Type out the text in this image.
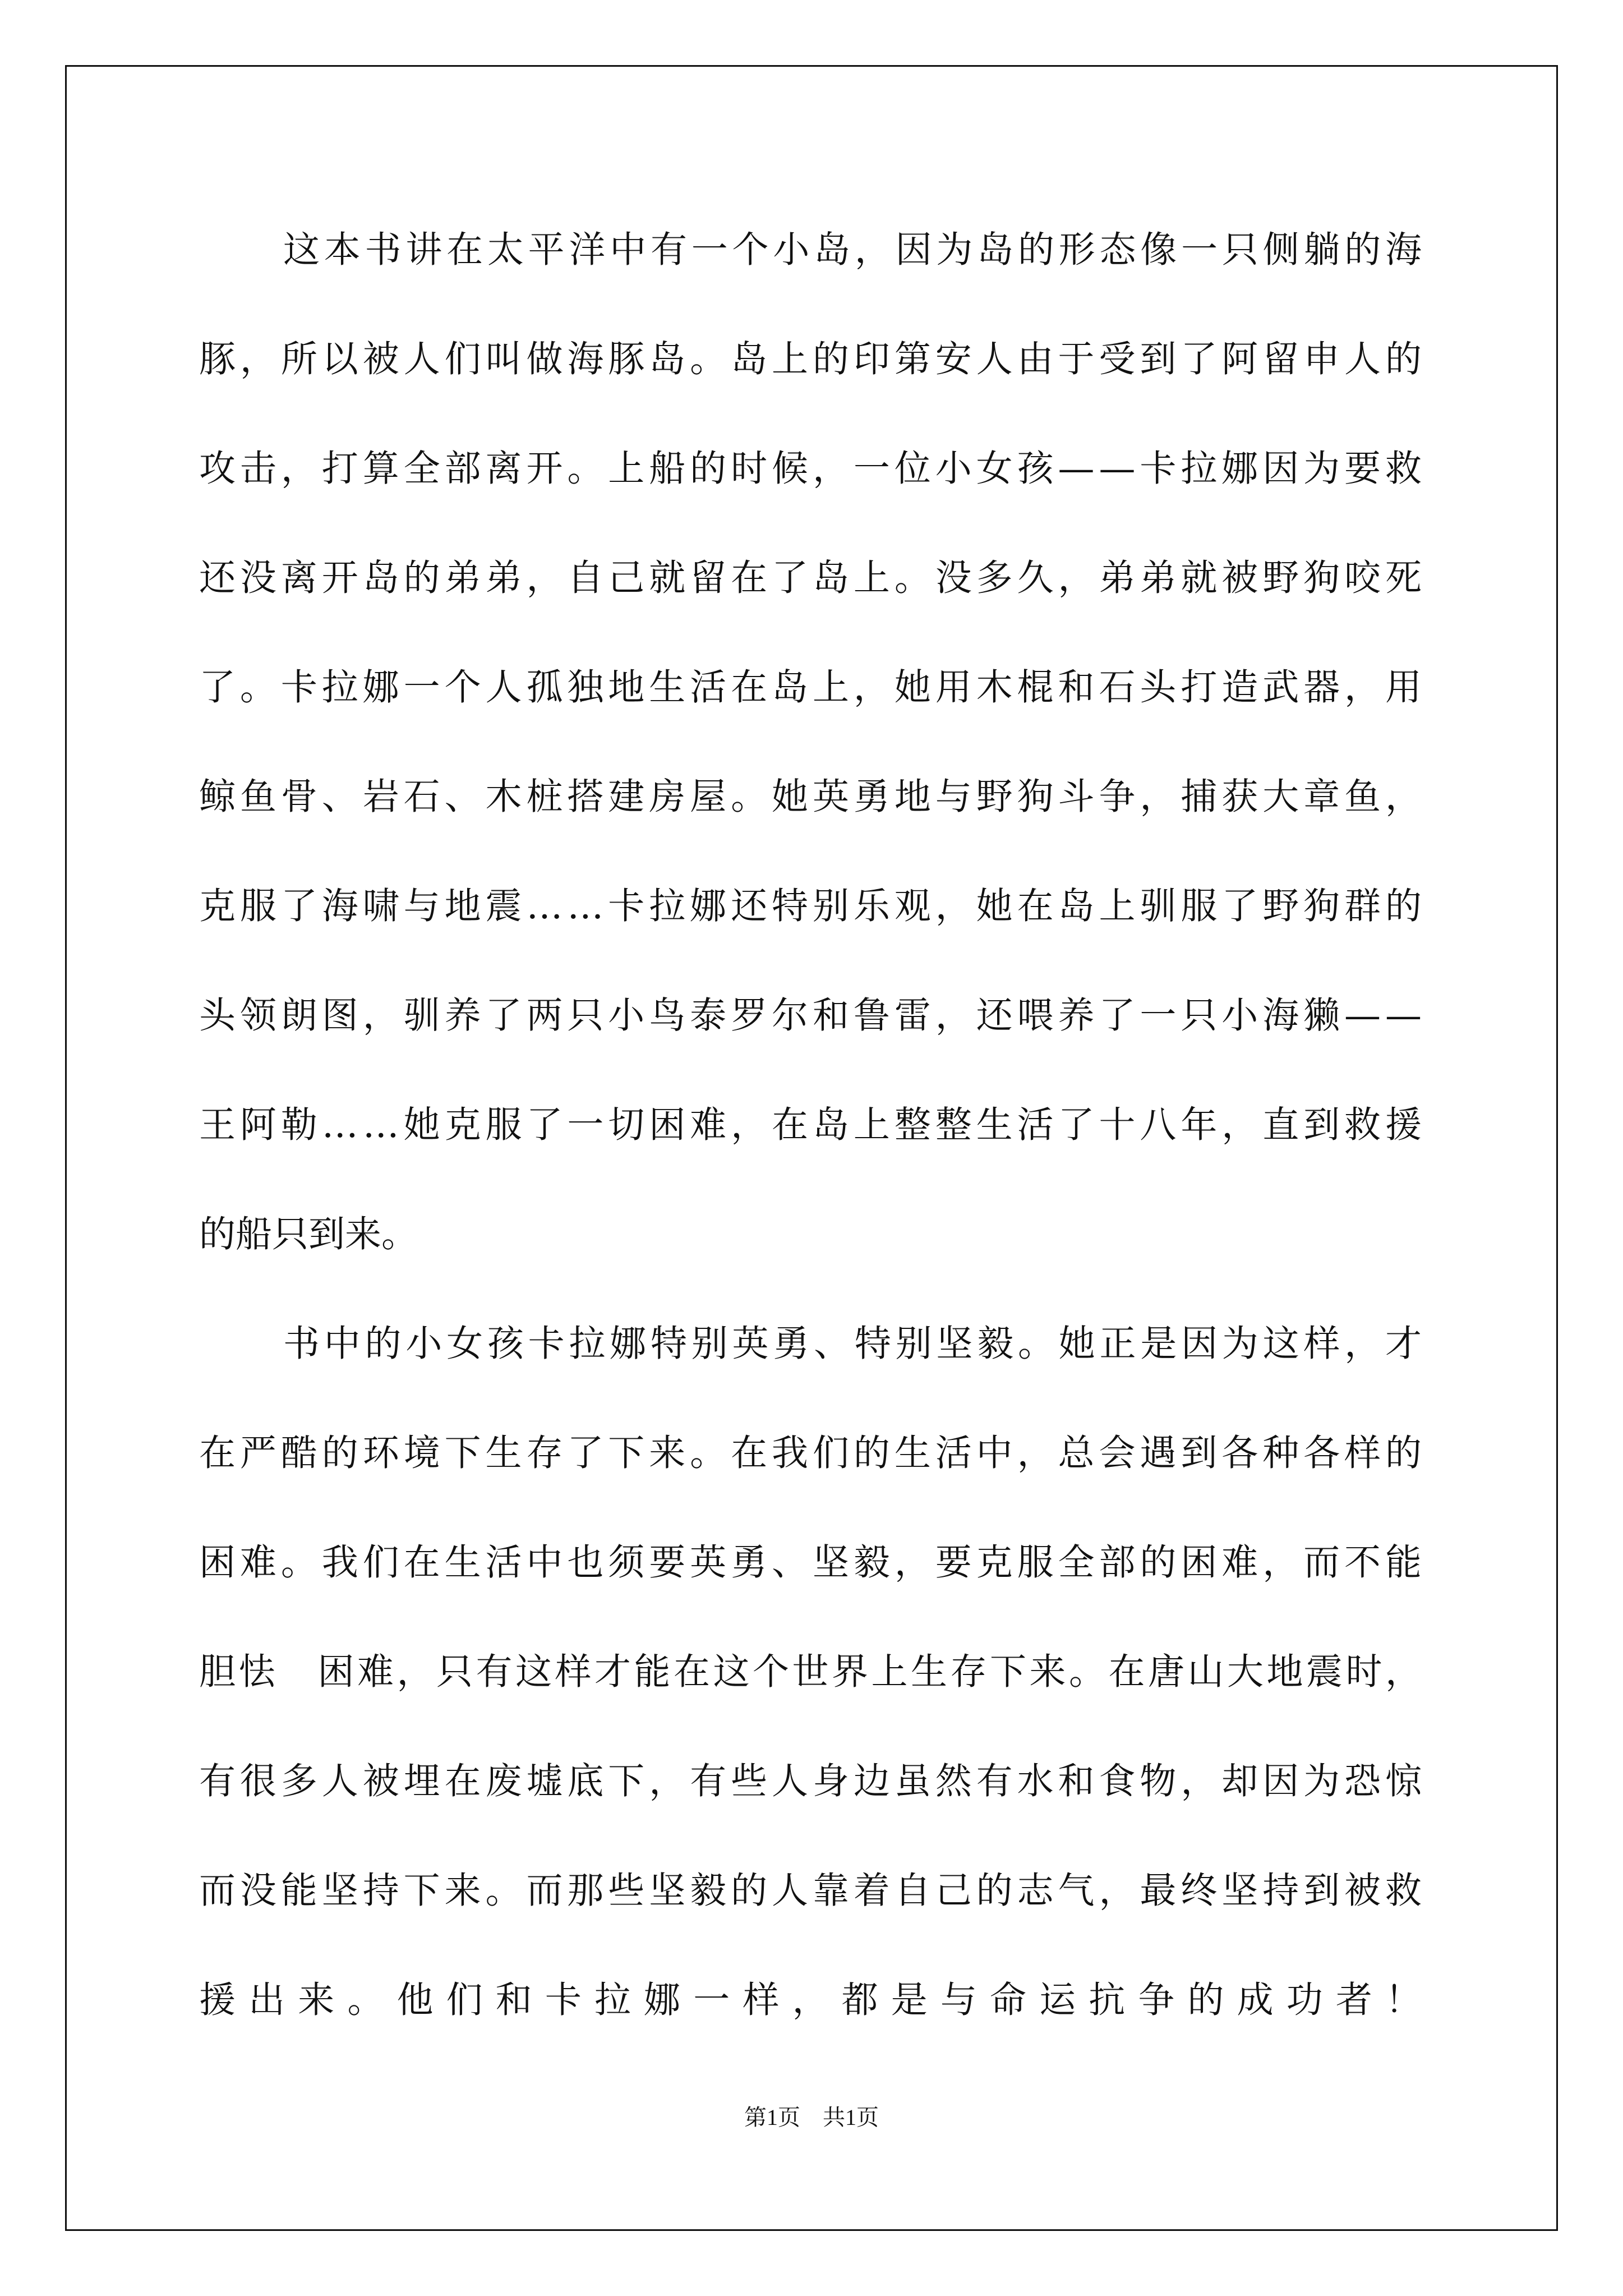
这本书讲在太平洋中有一个小岛，因为岛的形态像一只侧躺的海

豚，所以被人们叫做海豚岛。岛上的印第安人由于受到了阿留申人的

攻击，打算全部离开。上船的时候，一位小女孩——卡拉娜因为要救

还没离开岛的弟弟，自己就留在了岛上。没多久，弟弟就被野狗咬死

了。卡拉娜一个人孤独地生活在岛上，她用木棍和石头打造武器，用

鲸鱼骨、岩石、木桩搭建房屋。她英勇地与野狗斗争，捕获大章鱼，

克服了海啸与地震……卡拉娜还特别乐观，她在岛上驯服了野狗群的

头领朗图，驯养了两只小鸟泰罗尔和鲁雷，还喂养了一只小海獭——

王阿勒……她克服了一切困难，在岛上整整生活了十八年，直到救援

的船只到来。

书中的小女孩卡拉娜特别英勇、特别坚毅。她正是因为这样，才

在严酷的环境下生存了下来。在我们的生活中，总会遇到各种各样的

困难。我们在生活中也须要英勇、坚毅，要克服全部的困难，而不能

胆怯　困难，只有这样才能在这个世界上生存下来。在唐山大地震时，

有很多人被埋在废墟底下，有些人身边虽然有水和食物，却因为恐惊

而没能坚持下来。而那些坚毅的人靠着自己的志气，最终坚持到被救

援出来。他们和卡拉娜一样，都是与命运抗争的成功者！

第1页　共1页
